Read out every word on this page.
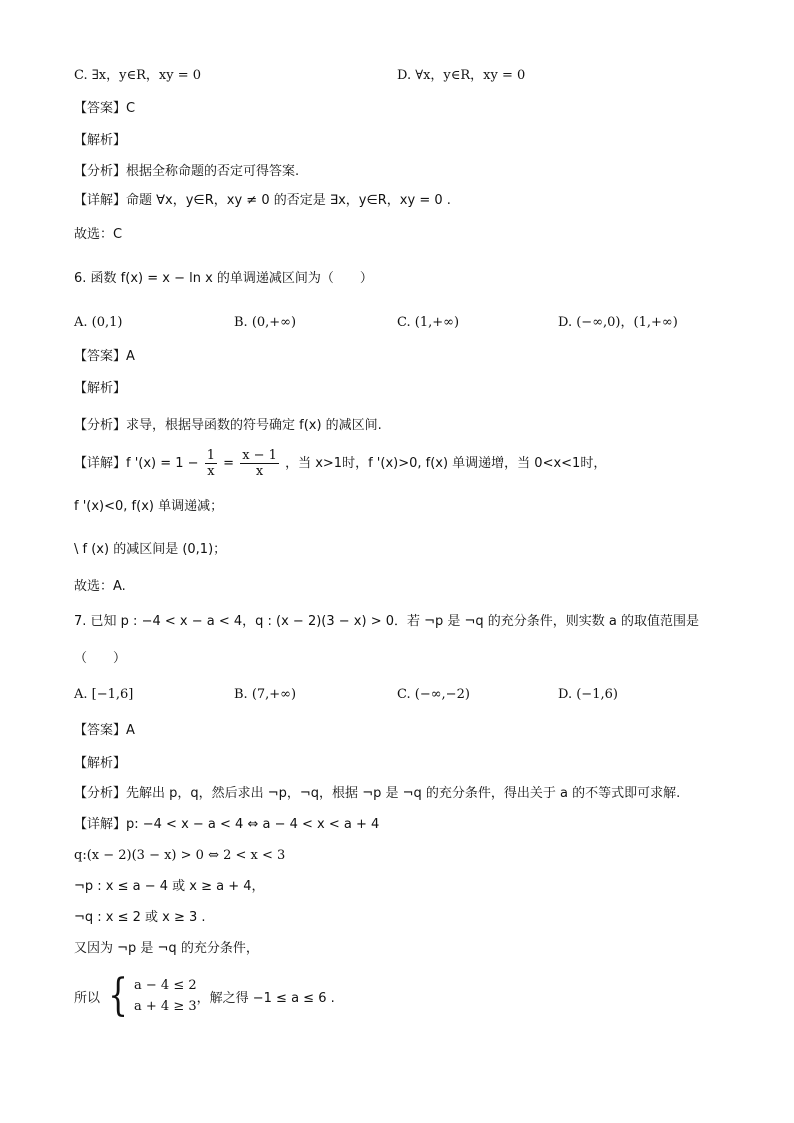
C. ∃x，y∈R，xy = 0	D. ∀x，y∈R，xy = 0
【答案】C
【解析】
【分析】根据全称命题的否定可得答案.
【详解】命题 ∀x，y∈R，xy ≠ 0 的否定是 ∃x，y∈R，xy = 0 .
故选：C
6. 函数 f(x) = x − ln x 的单调递减区间为（　　）
A. (0,1)	B. (0,+∞)	C. (1,+∞)	D. (−∞,0)，(1,+∞)
【答案】A
【解析】
【分析】求导，根据导函数的符号确定 f(x) 的减区间.
【详解】f '$(x) = 1 - \frac{1}{x} = \frac{x - 1}{x}$ ，当 x>1时，f '(x)>0, f(x) 单调递增，当 0<x<1时，
f '(x)<0, f(x) 单调递减；
\ f (x) 的减区间是 (0,1)；
故选：A.
7. 已知 p : −4 < x − a < 4，q : (x − 2)(3 − x) > 0．若 ¬p 是 ¬q 的充分条件，则实数 a 的取值范围是
（　　）
A. [−1,6]	B. (7,+∞)	C. (−∞,−2)	D. (−1,6)
【答案】A
【解析】
【分析】先解出 p，q，然后求出 ¬p，¬q，根据 ¬p 是 ¬q 的充分条件，得出关于 a 的不等式即可求解.
【详解】p: −4 < x − a < 4 ⇔ a − 4 < x < a + 4
q:(x − 2)(3 − x) > 0 ⇔ 2 < x < 3
¬p : x ≤ a − 4 或 x ≥ a + 4，
¬q : x ≤ 2 或 x ≥ 3 .
又因为 ¬p 是 ¬q 的充分条件，
所以 { a − 4 ≤ 2
a + 4 ≥ 3
，解之得 −1 ≤ a ≤ 6 .
